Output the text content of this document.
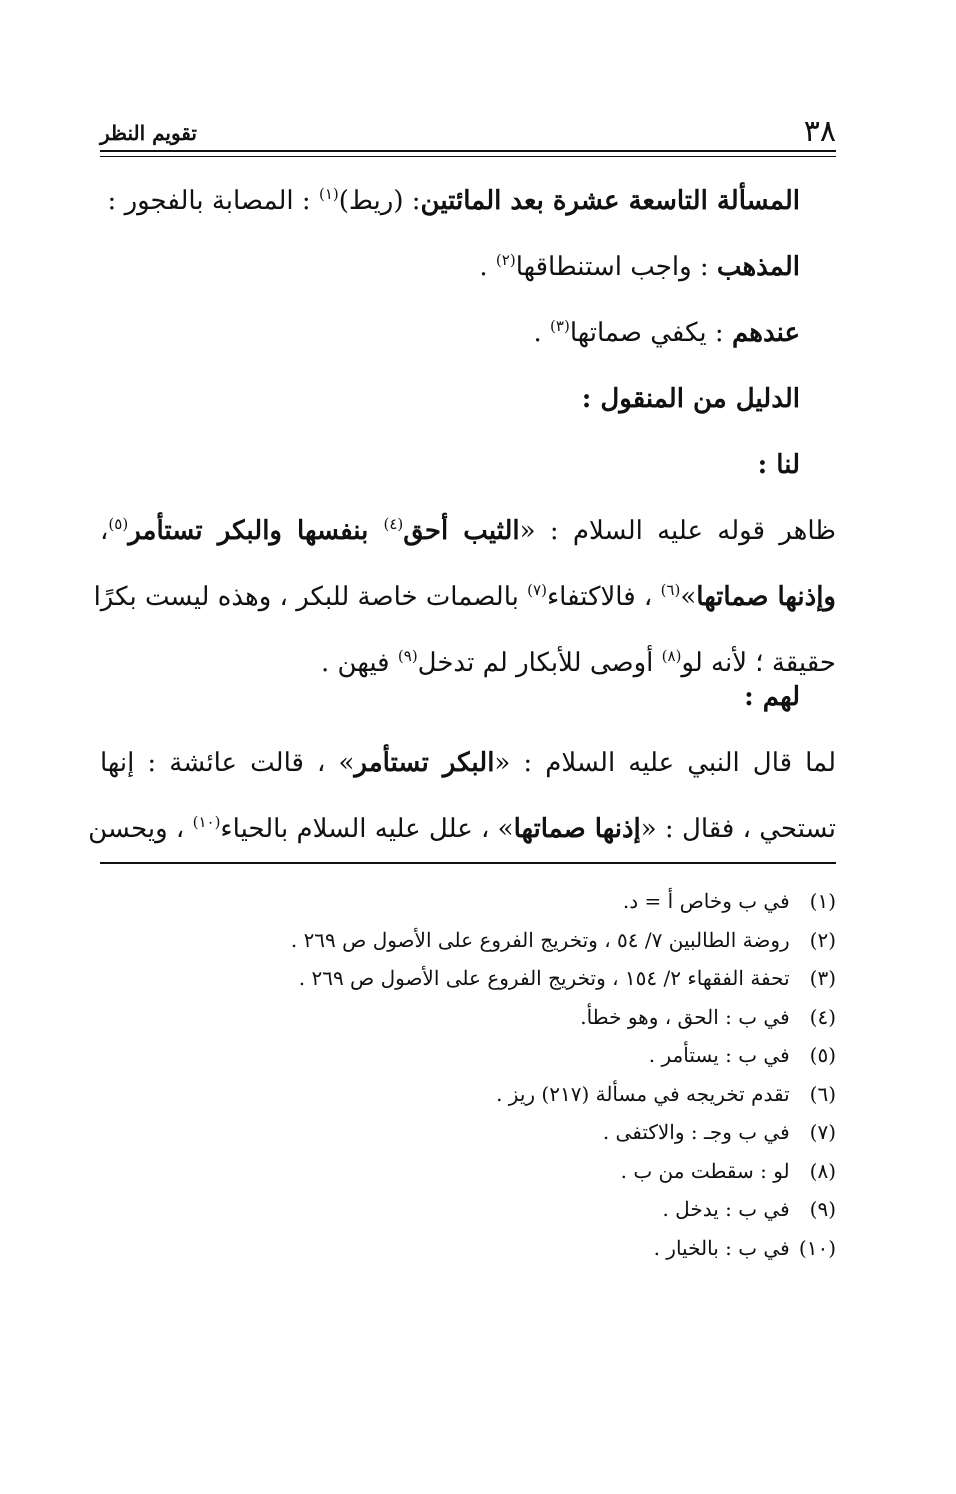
٣٨
تقويم النظر
المسألة التاسعة عشرة بعد المائتين: (ريط)$^{(١)}$ : المصابة بالفجور :
المذهب : واجب استنطاقها$^{(٢)}$ .
عندهم : يكفي صماتها$^{(٣)}$ .
الدليل من المنقول :
لنا :
ظاهر قوله عليه السلام : «الثيب أحق$^{(٤)}$ بنفسها والبكر تستأمر$^{(٥)}$،
وإذنها صماتها»$^{(٦)}$ ، فالاكتفاء$^{(٧)}$ بالصمات خاصة للبكر ، وهذه ليست بكرًا
حقيقة ؛ لأنه لو$^{(٨)}$ أوصى للأبكار لم تدخل$^{(٩)}$ فيهن .
لهم :
لما قال النبي عليه السلام : «البكر تستأمر» ، قالت عائشة : إنها
تستحي ، فقال : «إذنها صماتها» ، علل عليه السلام بالحياء$^{(١٠)}$ ، ويحسن
(١) في ب وخاص أ = د.
(٢) روضة الطالبين ٧/ ٥٤ ، وتخريج الفروع على الأصول ص ٢٦٩ .
(٣) تحفة الفقهاء ٢/ ١٥٤ ، وتخريج الفروع على الأصول ص ٢٦٩ .
(٤) في ب : الحق ، وهو خطأ.
(٥) في ب : يستأمر .
(٦) تقدم تخريجه في مسألة (٢١٧) ريز .
(٧) في ب وجـ : والاكتفى .
(٨) لو : سقطت من ب .
(٩) في ب : يدخل .
(١٠) في ب : بالخيار .
